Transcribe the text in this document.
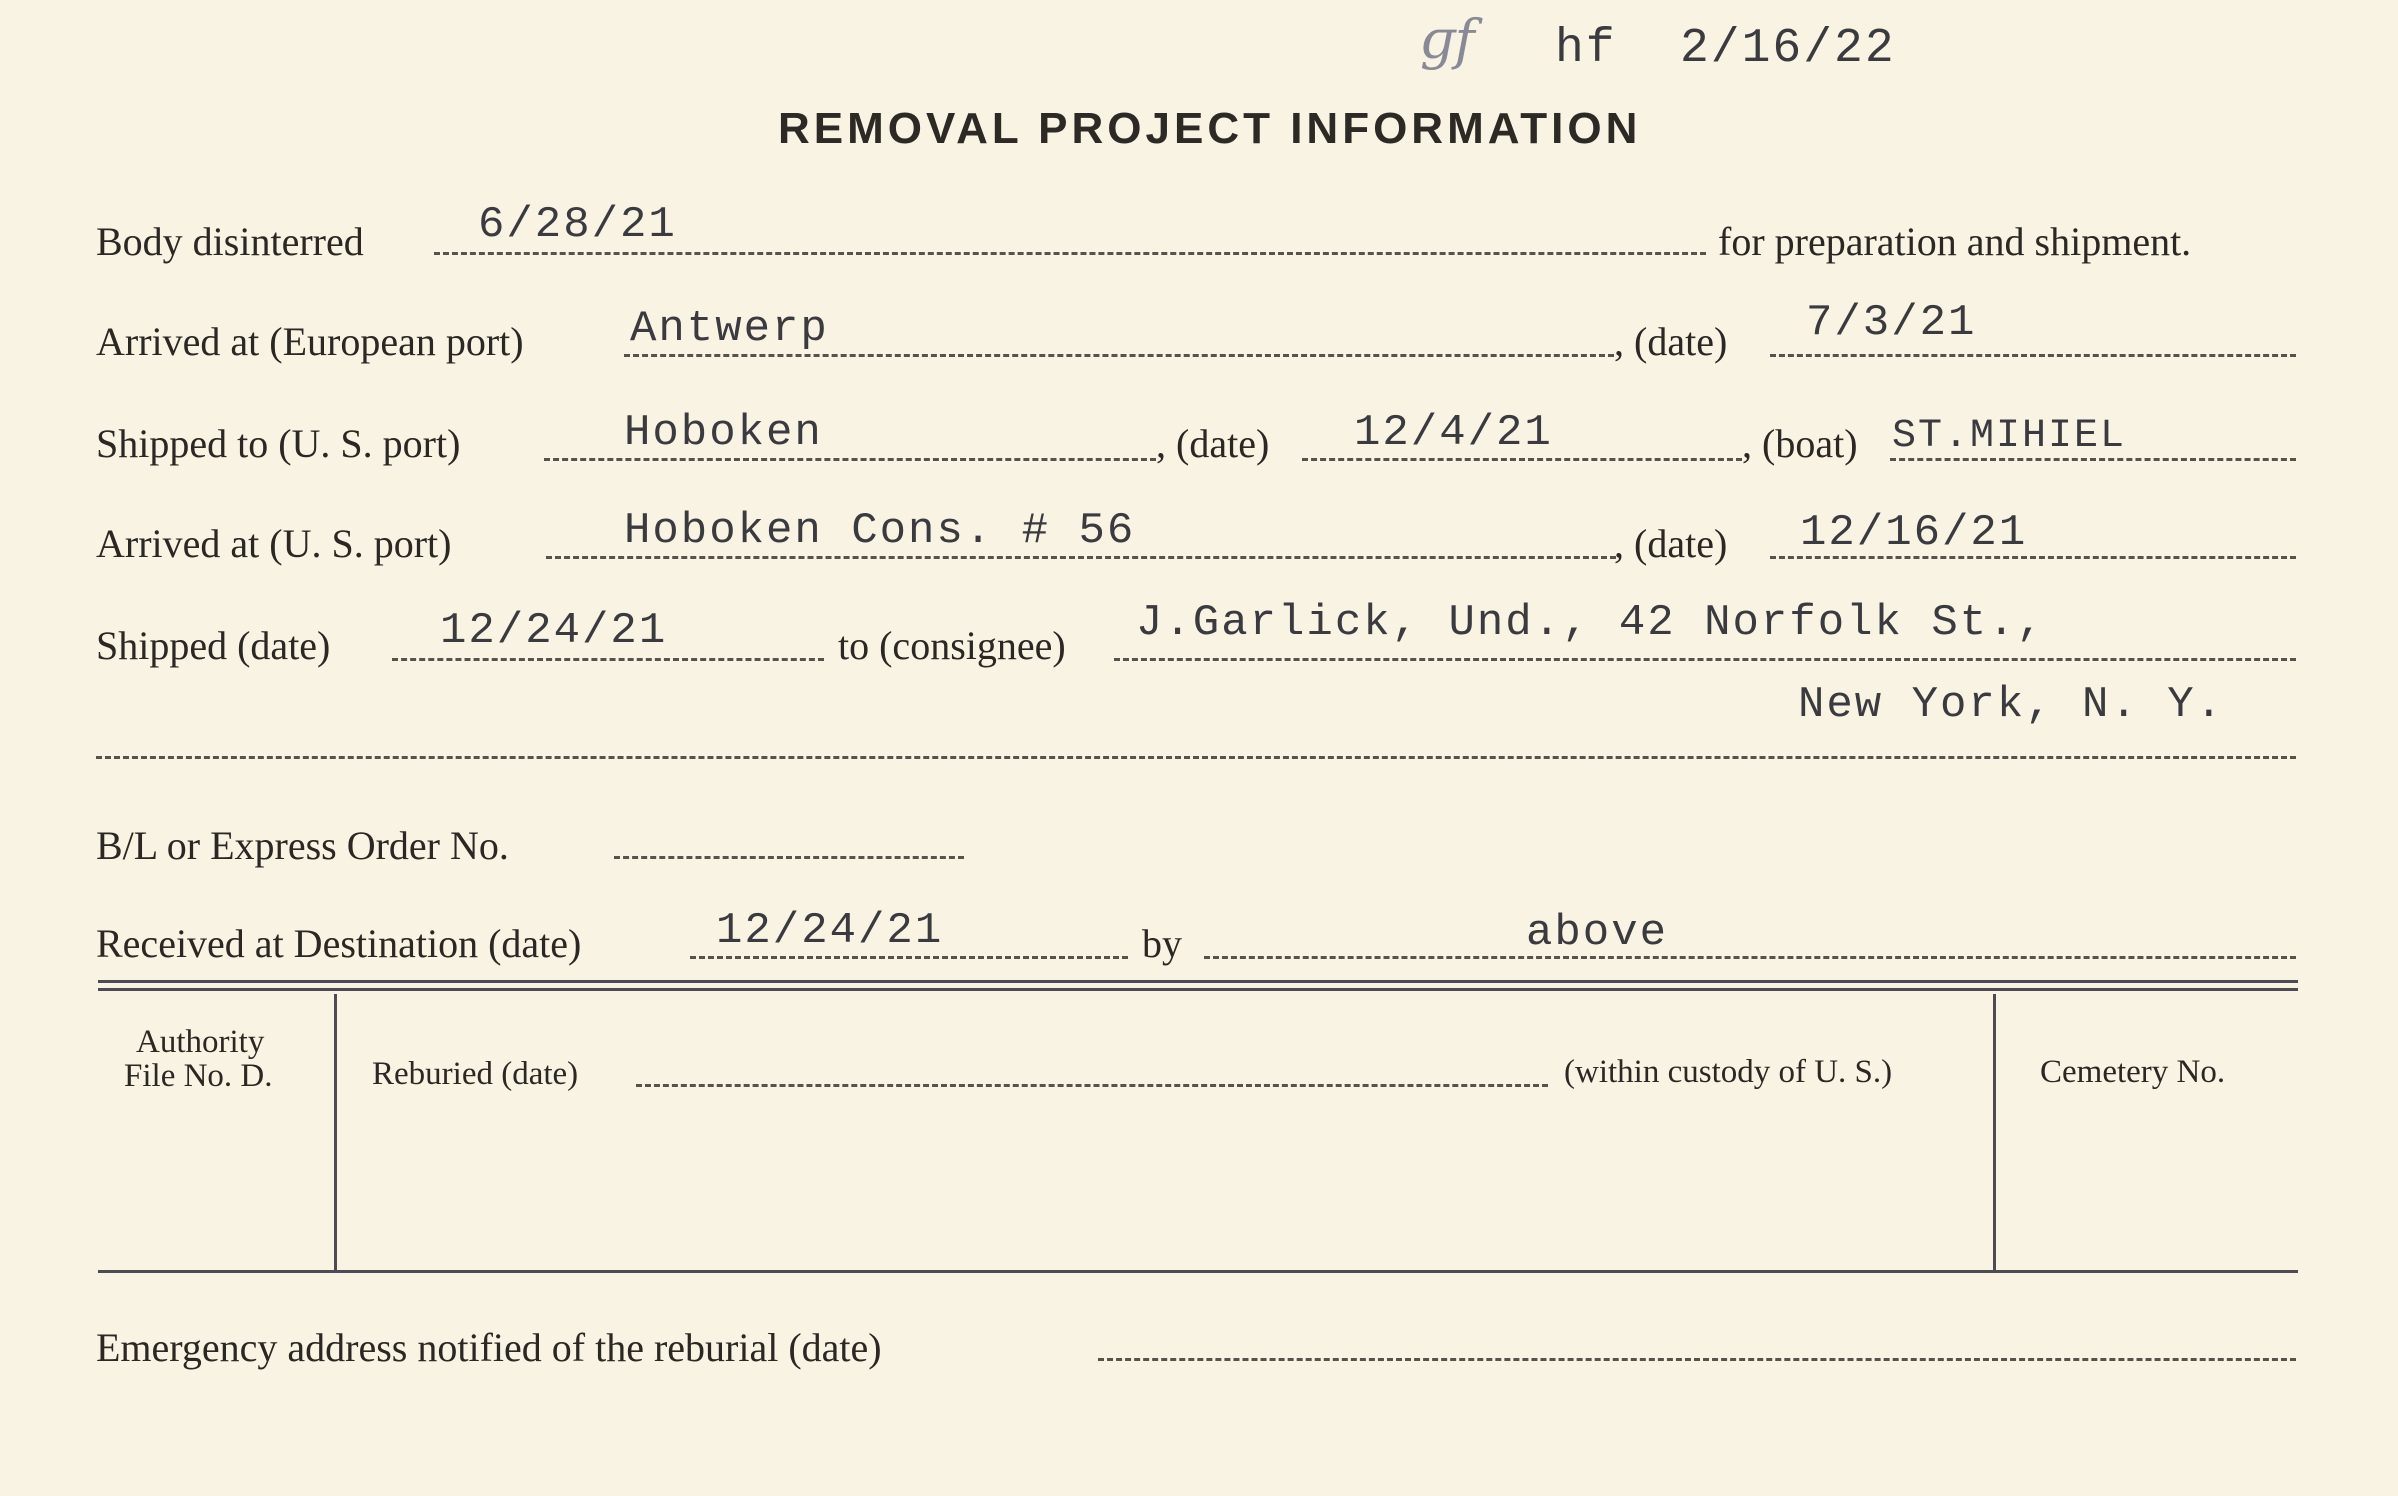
ɡf hf 2/16/22
REMOVAL PROJECT INFORMATION
Body disinterred	6/28/21	for preparation and shipment.
Arrived at (European port) Antwerp	, (date) 7/3/21
Shipped to (U. S. port)	Hoboken	, (date) 12/4/21	, (boat) ST.MIHIEL
Arrived at (U. S. port)	Hoboken Cons. # 56	, (date) 12/16/21
Shipped (date) 12/24/21	to (consignee) J.Garlick, Und., 42 Norfolk St.,
New York, N. Y.
B/L or Express Order No.
Received at Destination (date)	12/24/21	by	above
Authority
File No. D.	Reburied (date)	(within custody of U. S.)	Cemetery No.
Emergency address notified of the reburial (date)
